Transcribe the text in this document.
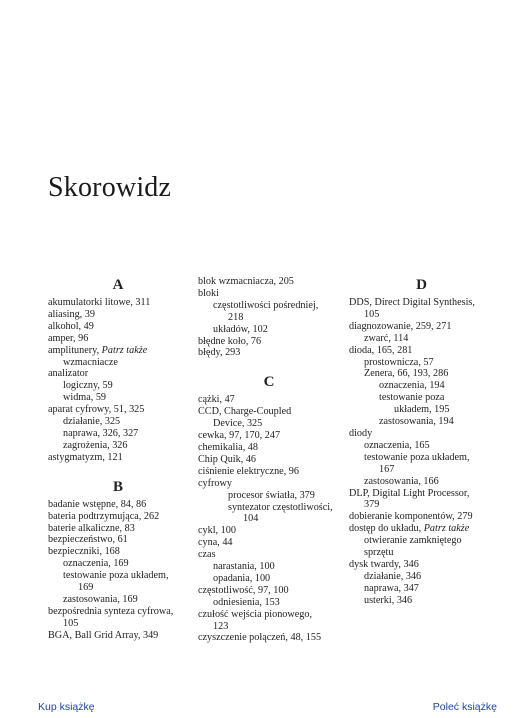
Skorowidz
A
akumulatorki litowe, 311
aliasing, 39
alkohol, 49
amper, 96
amplitunery, Patrz także
wzmacniacze
analizator
logiczny, 59
widma, 59
aparat cyfrowy, 51, 325
działanie, 325
naprawa, 326, 327
zagrożenia, 326
astygmatyzm, 121
B
badanie wstępne, 84, 86
bateria podtrzymująca, 262
baterie alkaliczne, 83
bezpieczeństwo, 61
bezpieczniki, 168
oznaczenia, 169
testowanie poza układem,
169
zastosowania, 169
bezpośrednia synteza cyfrowa,
105
BGA, Ball Grid Array, 349
blok wzmacniacza, 205
bloki
częstotliwości pośredniej,
218
układów, 102
błędne koło, 76
błędy, 293
C
cążki, 47
CCD, Charge-Coupled
Device, 325
cewka, 97, 170, 247
chemikalia, 48
Chip Quik, 46
ciśnienie elektryczne, 96
cyfrowy
procesor światła, 379
syntezator częstotliwości,
104
cykl, 100
cyna, 44
czas
narastania, 100
opadania, 100
częstotliwość, 97, 100
odniesienia, 153
czułość wejścia pionowego,
123
czyszczenie połączeń, 48, 155
D
DDS, Direct Digital Synthesis,
105
diagnozowanie, 259, 271
zwarć, 114
dioda, 165, 281
prostownicza, 57
Zenera, 66, 193, 286
oznaczenia, 194
testowanie poza
układem, 195
zastosowania, 194
diody
oznaczenia, 165
testowanie poza układem,
167
zastosowania, 166
DLP, Digital Light Processor,
379
dobieranie komponentów, 279
dostęp do układu, Patrz także
otwieranie zamkniętego
sprzętu
dysk twardy, 346
działanie, 346
naprawa, 347
usterki, 346
Kup książkę	Poleć książkę
